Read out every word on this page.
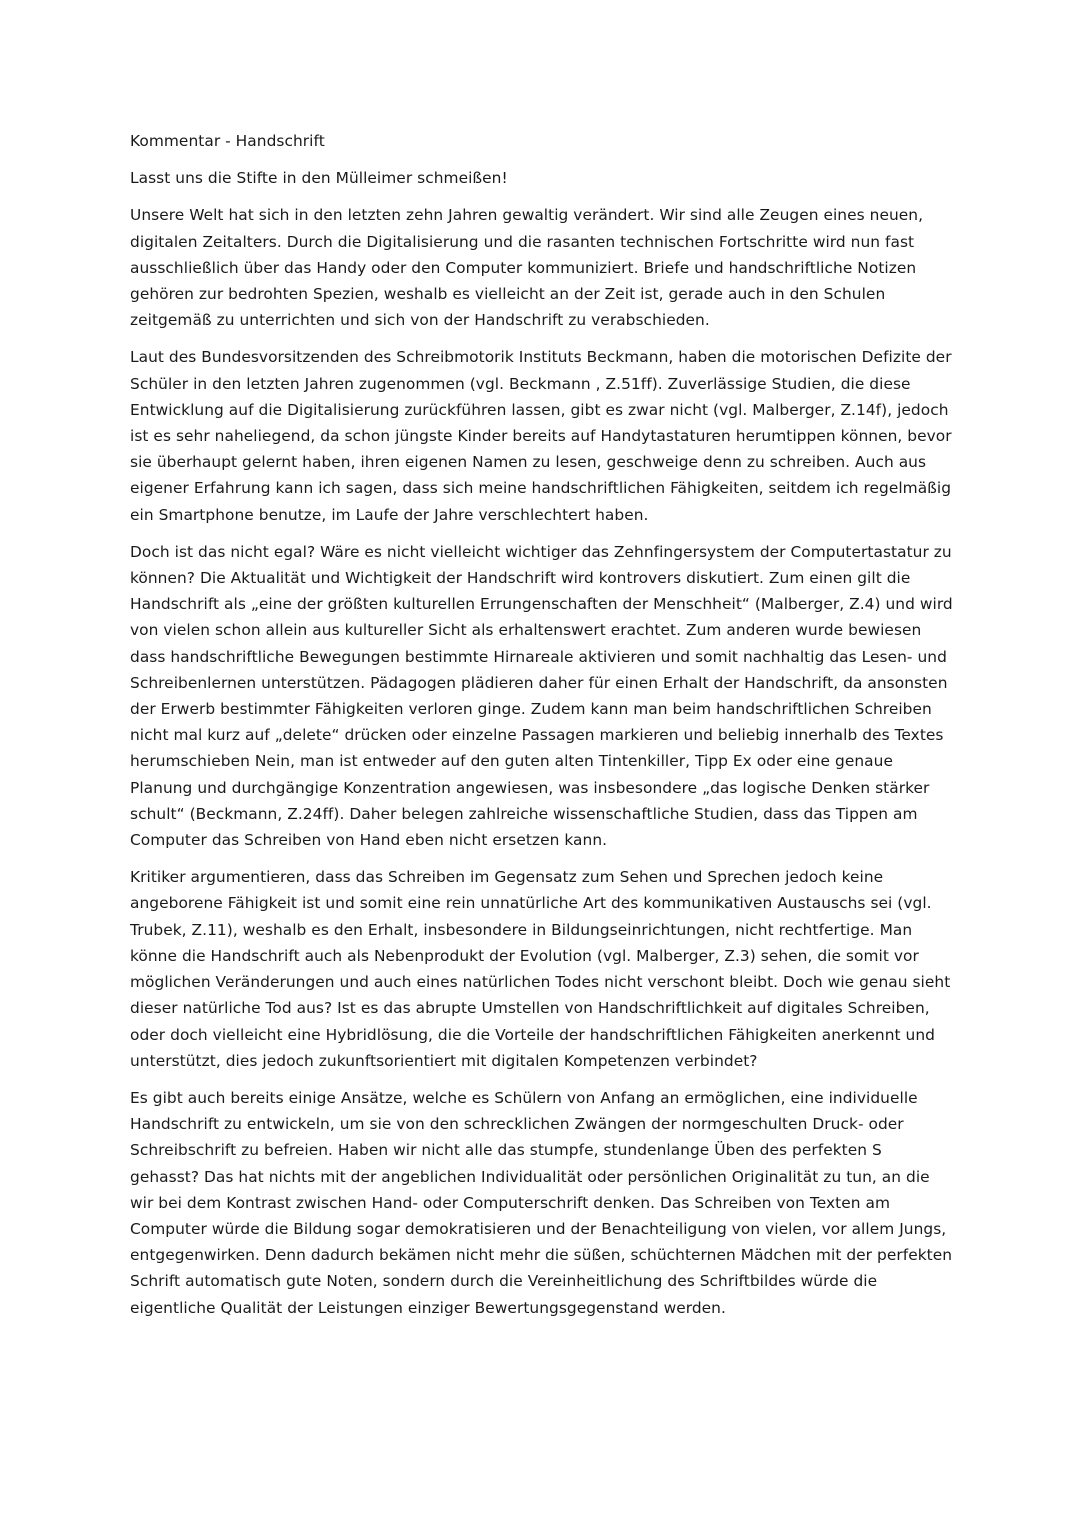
Kommentar - Handschrift

Lasst uns die Stifte in den Mülleimer schmeißen!

Unsere Welt hat sich in den letzten zehn Jahren gewaltig verändert. Wir sind alle Zeugen eines neuen, digitalen Zeitalters. Durch die Digitalisierung und die rasanten technischen Fortschritte wird nun fast ausschließlich über das Handy oder den Computer kommuniziert. Briefe und handschriftliche Notizen gehören zur bedrohten Spezien, weshalb es vielleicht an der Zeit ist, gerade auch in den Schulen zeitgemäß zu unterrichten und sich von der Handschrift zu verabschieden.

Laut des Bundesvorsitzenden des Schreibmotorik Instituts Beckmann, haben die motorischen Defizite der Schüler in den letzten Jahren zugenommen (vgl. Beckmann , Z.51ff). Zuverlässige Studien, die diese Entwicklung auf die Digitalisierung zurückführen lassen, gibt es zwar nicht (vgl. Malberger, Z.14f), jedoch ist es sehr naheliegend, da schon jüngste Kinder bereits auf Handytastaturen herumtippen können, bevor sie überhaupt gelernt haben, ihren eigenen Namen zu lesen, geschweige denn zu schreiben. Auch aus eigener Erfahrung kann ich sagen, dass sich meine handschriftlichen Fähigkeiten, seitdem ich regelmäßig ein Smartphone benutze, im Laufe der Jahre verschlechtert haben.

Doch ist das nicht egal? Wäre es nicht vielleicht wichtiger das Zehnfingersystem der Computertastatur zu können? Die Aktualität und Wichtigkeit der Handschrift wird kontrovers diskutiert. Zum einen gilt die Handschrift als „eine der größten kulturellen Errungenschaften der Menschheit“ (Malberger, Z.4) und wird von vielen schon allein aus kultureller Sicht als erhaltenswert erachtet. Zum anderen wurde bewiesen dass handschriftliche Bewegungen bestimmte Hirnareale aktivieren und somit nachhaltig das Lesen- und Schreibenlernen unterstützen. Pädagogen plädieren daher für einen Erhalt der Handschrift, da ansonsten der Erwerb bestimmter Fähigkeiten verloren ginge. Zudem kann man beim handschriftlichen Schreiben nicht mal kurz auf „delete“ drücken oder einzelne Passagen markieren und beliebig innerhalb des Textes herumschieben Nein, man ist entweder auf den guten alten Tintenkiller, Tipp Ex oder eine genaue Planung und durchgängige Konzentration angewiesen, was insbesondere „das logische Denken stärker schult“ (Beckmann, Z.24ff). Daher belegen zahlreiche wissenschaftliche Studien, dass das Tippen am Computer das Schreiben von Hand eben nicht ersetzen kann.

Kritiker argumentieren, dass das Schreiben im Gegensatz zum Sehen und Sprechen jedoch keine angeborene Fähigkeit ist und somit eine rein unnatürliche Art des kommunikativen Austauschs sei (vgl. Trubek, Z.11), weshalb es den Erhalt, insbesondere in Bildungseinrichtungen, nicht rechtfertige. Man könne die Handschrift auch als Nebenprodukt der Evolution (vgl. Malberger, Z.3) sehen, die somit vor möglichen Veränderungen und auch eines natürlichen Todes nicht verschont bleibt. Doch wie genau sieht dieser natürliche Tod aus? Ist es das abrupte Umstellen von Handschriftlichkeit auf digitales Schreiben, oder doch vielleicht eine Hybridlösung, die die Vorteile der handschriftlichen Fähigkeiten anerkennt und unterstützt, dies jedoch zukunftsorientiert mit digitalen Kompetenzen verbindet?

Es gibt auch bereits einige Ansätze, welche es Schülern von Anfang an ermöglichen, eine individuelle Handschrift zu entwickeln, um sie von den schrecklichen Zwängen der normgeschulten Druck- oder Schreibschrift zu befreien. Haben wir nicht alle das stumpfe, stundenlange Üben des perfekten S gehasst? Das hat nichts mit der angeblichen Individualität oder persönlichen Originalität zu tun, an die wir bei dem Kontrast zwischen Hand- oder Computerschrift denken. Das Schreiben von Texten am Computer würde die Bildung sogar demokratisieren und der Benachteiligung von vielen, vor allem Jungs, entgegenwirken. Denn dadurch bekämen nicht mehr die süßen, schüchternen Mädchen mit der perfekten Schrift automatisch gute Noten, sondern durch die Vereinheitlichung des Schriftbildes würde die eigentliche Qualität der Leistungen einziger Bewertungsgegenstand werden.
